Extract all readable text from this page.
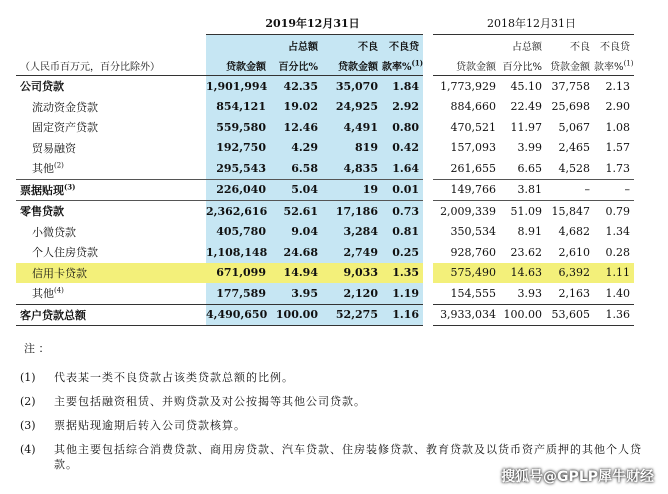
	2019年12月31日				2018年12月31日			
		占总额	不良	不良贷		占总额	不良	不良贷
（人民币百万元，百分比除外）	贷款金额	百分比%	贷款金额	款率%$^{(1)}$	贷款金额	百分比%	贷款金额	款率%$^{(1)}$
公司贷款	1,901,994	42.35	35,070	1.84	1,773,929	45.10	37,758	2.13
流动资金贷款	854,121	19.02	24,925	2.92	884,660	22.49	25,698	2.90
固定资产贷款	559,580	12.46	4,491	0.80	470,521	11.97	5,067	1.08
贸易融资	192,750	4.29	819	0.42	157,093	3.99	2,465	1.57
其他$^{(2)}$	295,543	6.58	4,835	1.64	261,655	6.65	4,528	1.73
票据贴现$^{(3)}$	226,040	5.04	19	0.01	149,766	3.81	–	–
零售贷款	2,362,616	52.61	17,186	0.73	2,009,339	51.09	15,847	0.79
小微贷款	405,780	9.04	3,284	0.81	350,534	8.91	4,682	1.34
个人住房贷款	1,108,148	24.68	2,749	0.25	928,760	23.62	2,610	0.28
信用卡贷款	671,099	14.94	9,033	1.35	575,490	14.63	6,392	1.11
其他$^{(4)}$	177,589	3.95	2,120	1.19	154,555	3.93	2,163	1.40
客户贷款总额	4,490,650	100.00	52,275	1.16	3,933,034	100.00	53,605	1.36
注 ：
(1)	代表某一类不良贷款占该类贷款总额的比例。
(2)	主要包括融资租赁、并购贷款及对公按揭等其他公司贷款。
(3)	票据贴现逾期后转入公司贷款核算。
(4)	其他主要包括综合消费贷款、商用房贷款、汽车贷款、住房装修贷款、教育贷款及以货币资产质押的其他个人贷款。
搜狐号@GPLP犀牛财经
